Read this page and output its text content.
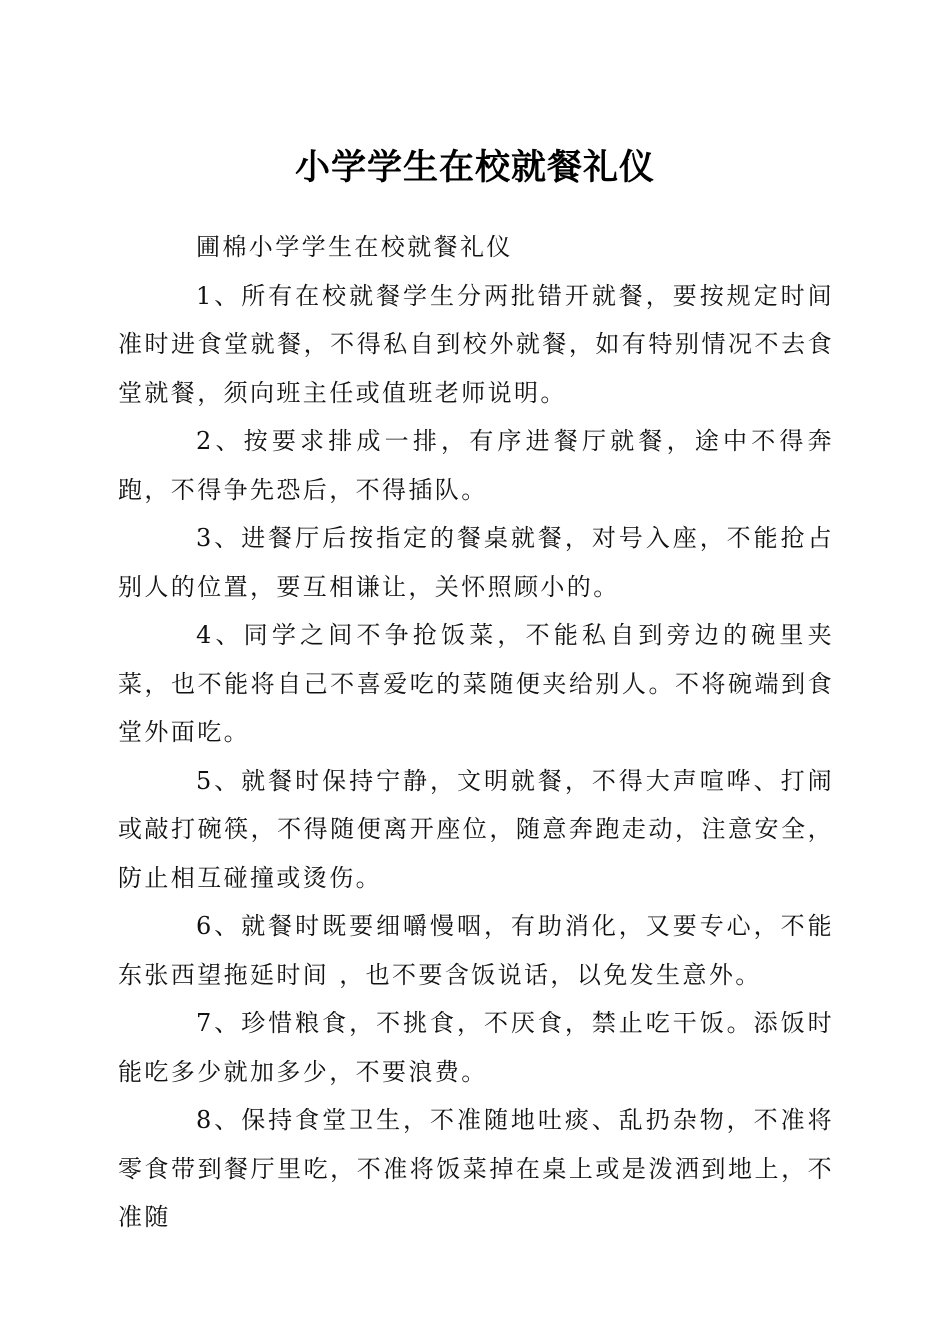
小学学生在校就餐礼仪

圃棉小学学生在校就餐礼仪

1、所有在校就餐学生分两批错开就餐，要按规定时间准时进食堂就餐，不得私自到校外就餐，如有特别情况不去食堂就餐，须向班主任或值班老师说明。

2、按要求排成一排，有序进餐厅就餐，途中不得奔跑，不得争先恐后，不得插队。

3、进餐厅后按指定的餐桌就餐，对号入座，不能抢占别人的位置，要互相谦让，关怀照顾小的。

4、同学之间不争抢饭菜，不能私自到旁边的碗里夹菜，也不能将自己不喜爱吃的菜随便夹给别人。不将碗端到食堂外面吃。

5、就餐时保持宁静，文明就餐，不得大声喧哗、打闹或敲打碗筷，不得随便离开座位，随意奔跑走动，注意安全，防止相互碰撞或烫伤。

6、就餐时既要细嚼慢咽，有助消化，又要专心，不能东张西望拖延时间 ，也不要含饭说话，以免发生意外。

7、珍惜粮食，不挑食，不厌食，禁止吃干饭。添饭时能吃多少就加多少，不要浪费。

8、保持食堂卫生，不准随地吐痰、乱扔杂物，不准将零食带到餐厅里吃，不准将饭菜掉在桌上或是泼洒到地上，不准随
